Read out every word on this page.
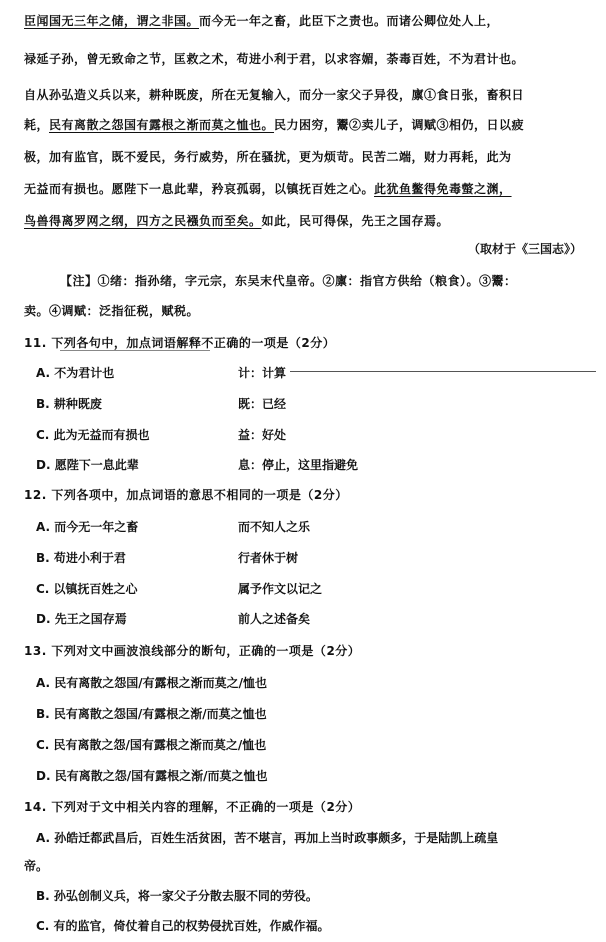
臣闻国无三年之储，谓之非国。而今无一年之畜，此臣下之责也。而诸公卿位处人上，
禄延子孙，曾无致命之节，匡救之术，苟进小利于君，以求容媚，荼毒百姓，不为君计也。
自从孙弘造义兵以来，耕种既废，所在无复输入，而分一家父子异役，廪①食日张，畜积日
耗，民有离散之怨国有露根之渐而莫之恤也。民力困穷，鬻②卖儿子，调赋③相仍，日以疲
极，加有监官，既不爱民，务行威势，所在骚扰，更为烦苛。民苦二端，财力再耗，此为
无益而有损也。愿陛下一息此辈，矜哀孤弱，以镇抚百姓之心。此犹鱼鳖得免毒螫之渊，
鸟兽得离罗网之纲，四方之民襁负而至矣。如此，民可得保，先王之国存焉。
（取材于《三国志》）
【注】①绪：指孙绪，字元宗，东吴末代皇帝。②廪：指官方供给（粮食）。③鬻：
卖。④调赋：泛指征税，赋税。
11. 下列各句中，加点词语解释不正确的一项是（2分）
A. 不为君计也	计：计算
B. 耕种既废	既：已经
C. 此为无益而有损也	益：好处
D. 愿陛下一息此辈	息：停止，这里指避免
12. 下列各项中，加点词语的意思不相同的一项是（2分）
A. 而今无一年之畜	而不知人之乐
B. 苟进小利于君	行者休于树
C. 以镇抚百姓之心	属予作文以记之
D. 先王之国存焉	前人之述备矣
13. 下列对文中画波浪线部分的断句，正确的一项是（2分）
A. 民有离散之怨国/有露根之渐而莫之/恤也
B. 民有离散之怨国/有露根之渐/而莫之恤也
C. 民有离散之怨/国有露根之渐而莫之/恤也
D. 民有离散之怨/国有露根之渐/而莫之恤也
14. 下列对于文中相关内容的理解，不正确的一项是（2分）
A. 孙皓迁都武昌后，百姓生活贫困，苦不堪言，再加上当时政事颇多，于是陆凯上疏皇
帝。
B. 孙弘创制义兵，将一家父子分散去服不同的劳役。
C. 有的监官，倚仗着自己的权势侵扰百姓，作威作福。
